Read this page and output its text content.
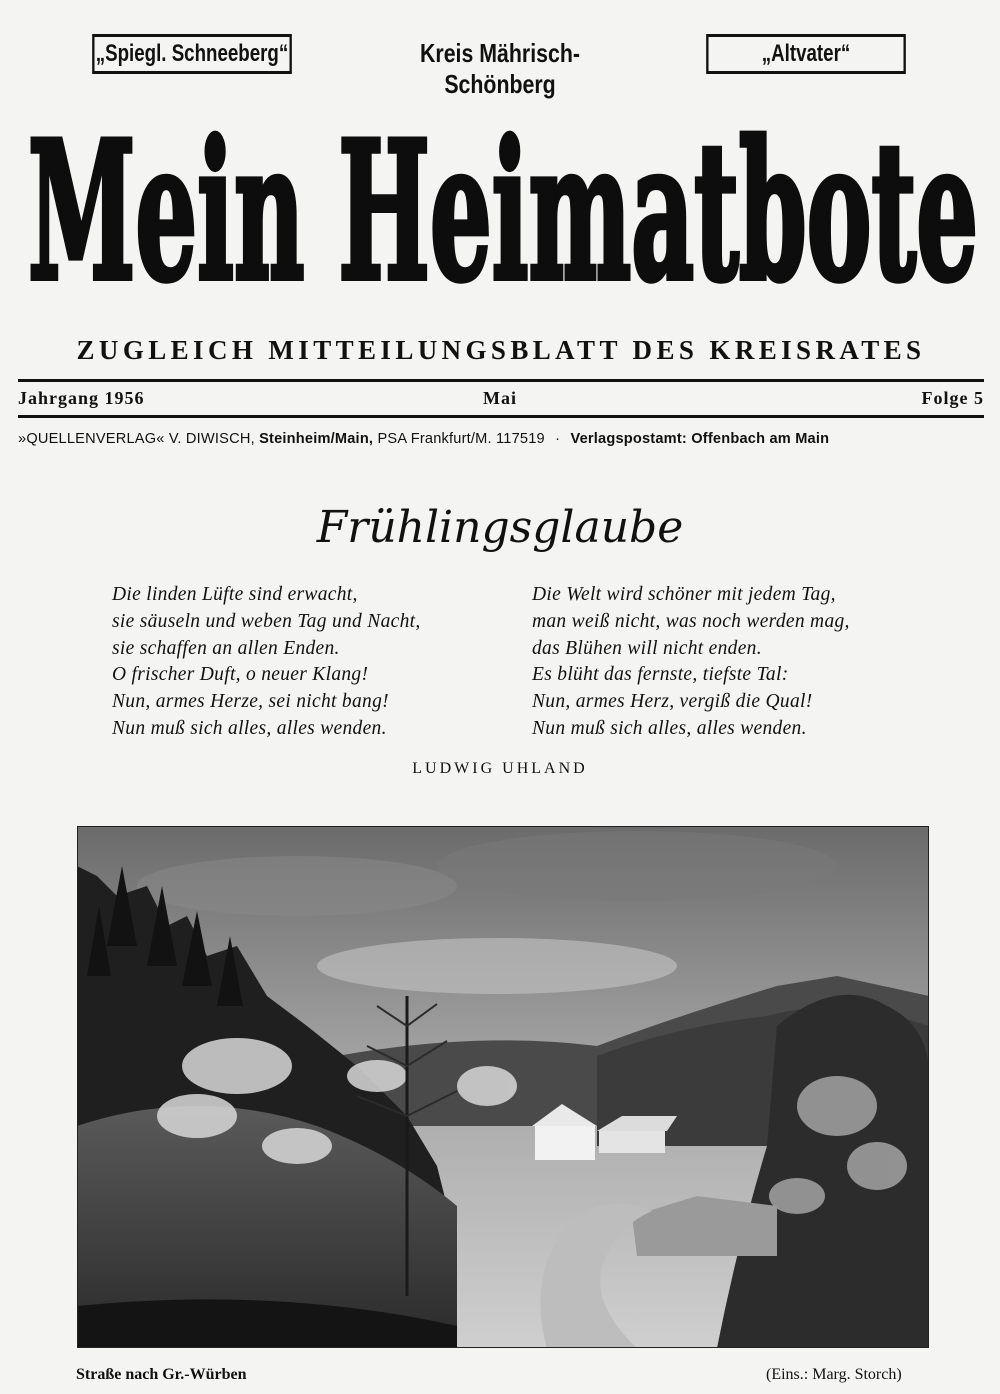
„Spiegl. Schneeberg“	Kreis Mährisch-Schönberg
„Altvater“
Mein Heimatbote
ZUGLEICH MITTEILUNGSBLATT DES KREISRATES
Jahrgang 1956	Mai	Folge 5
»QUELLENVERLAG« V. DIWISCH, Steinheim/Main, PSA Frankfurt/M. 117519 · Verlagspostamt: Offenbach am Main
Frühlingsglaube
Die linden Lüfte sind erwacht,
sie säuseln und weben Tag und Nacht,
sie schaffen an allen Enden.
O frischer Duft, o neuer Klang!
Nun, armes Herze, sei nicht bang!
Nun muß sich alles, alles wenden.
Die Welt wird schöner mit jedem Tag,
man weiß nicht, was noch werden mag,
das Blühen will nicht enden.
Es blüht das fernste, tiefste Tal:
Nun, armes Herz, vergiß die Qual!
Nun muß sich alles, alles wenden.
LUDWIG UHLAND
Straße nach Gr.-Würben	(Eins.: Marg. Storch)
